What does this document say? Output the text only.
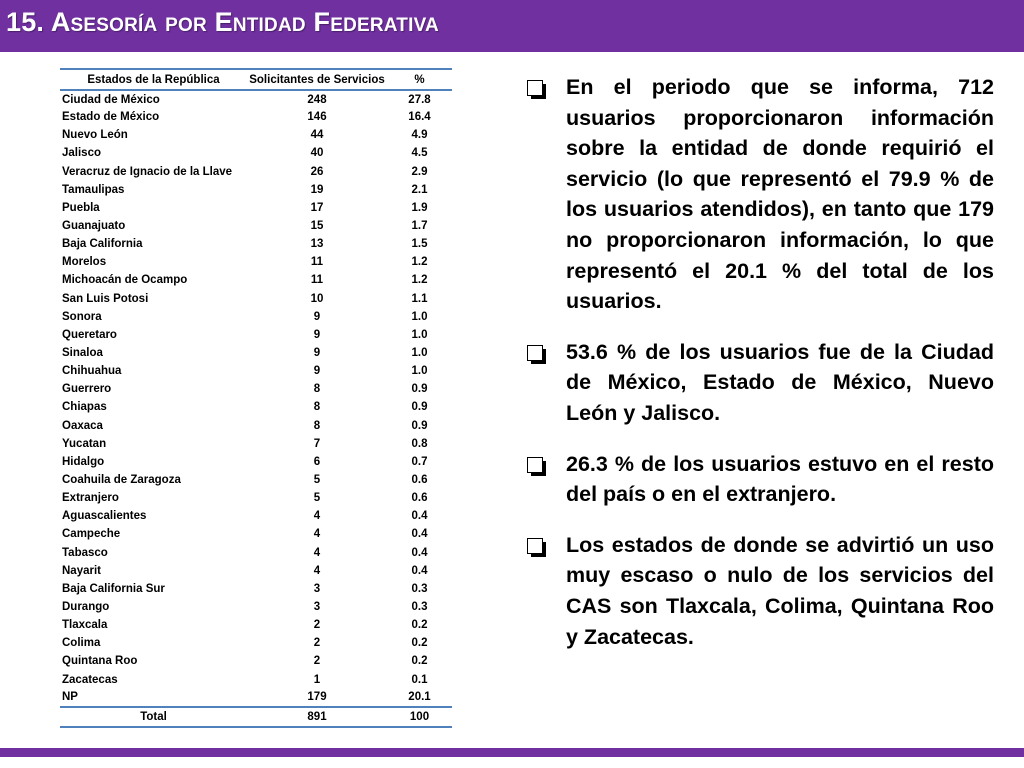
15. Asesoría por Entidad Federativa
Estados de la República	Solicitantes de Servicios	%
Ciudad de México	248	27.8
Estado de México	146	16.4
Nuevo León	44	4.9
Jalisco	40	4.5
Veracruz de Ignacio de la Llave	26	2.9
Tamaulipas	19	2.1
Puebla	17	1.9
Guanajuato	15	1.7
Baja California	13	1.5
Morelos	11	1.2
Michoacán de Ocampo	11	1.2
San Luis Potosi	10	1.1
Sonora	9	1.0
Queretaro	9	1.0
Sinaloa	9	1.0
Chihuahua	9	1.0
Guerrero	8	0.9
Chiapas	8	0.9
Oaxaca	8	0.9
Yucatan	7	0.8
Hidalgo	6	0.7
Coahuila de Zaragoza	5	0.6
Extranjero	5	0.6
Aguascalientes	4	0.4
Campeche	4	0.4
Tabasco	4	0.4
Nayarit	4	0.4
Baja California Sur	3	0.3
Durango	3	0.3
Tlaxcala	2	0.2
Colima	2	0.2
Quintana Roo	2	0.2
Zacatecas	1	0.1
NP	179	20.1
Total	891	100
En el periodo que se informa, 712 usuarios proporcionaron información sobre la entidad de donde requirió el servicio (lo que representó el 79.9 % de los usuarios atendidos), en tanto que 179 no proporcionaron información, lo que representó el 20.1 % del total de los usuarios.
53.6 % de los usuarios fue de la Ciudad de México, Estado de México, Nuevo León y Jalisco.
26.3 % de los usuarios estuvo en el resto del país o en el extranjero.
Los estados de donde se advirtió un uso muy escaso o nulo de los servicios del CAS son Tlaxcala, Colima, Quintana Roo y Zacatecas.
